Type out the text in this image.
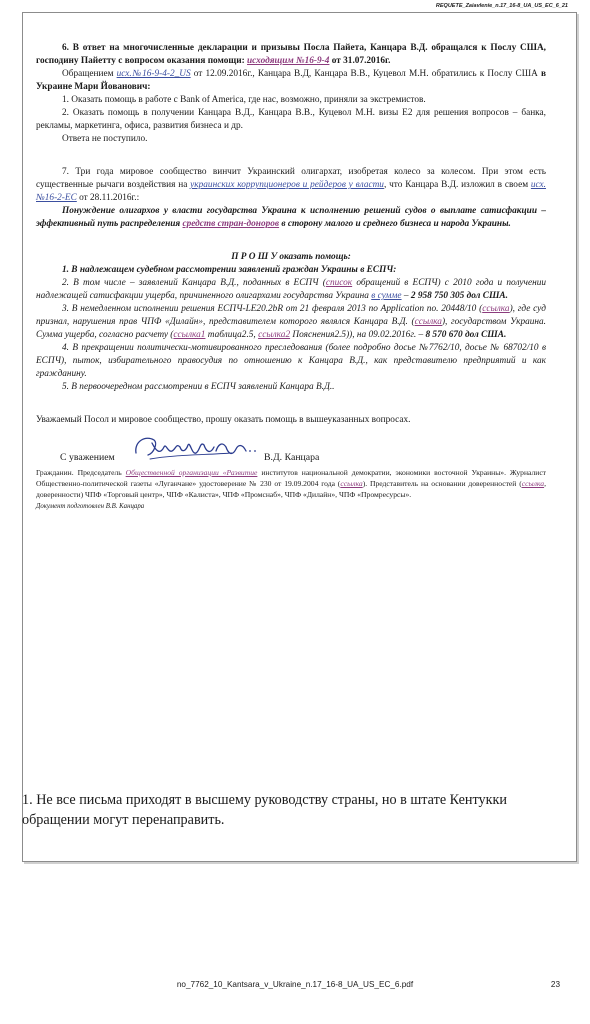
REQUETE_Zaiavlenie_n.17_16-8_UA_US_EC_6_21

6. В ответ на многочисленные декларации и призывы Посла Пайета, Канцара В.Д. обращался к Послу США, господину Пайетту с вопросом оказания помощи: исходящим №16-9-4 от 31.07.2016г.

Обращением исх.№16-9-4-2_US от 12.09.2016г., Канцара В.Д, Канцара В.В., Куцевол М.Н. обратились к Послу США в Украине Мари Йованович:

1. Оказать помощь в работе с Bank of America, где нас, возможно, приняли за экстремистов.

2. Оказать помощь в получении Канцара В.Д., Канцара В.В., Куцевол М.Н. визы Е2 для решения вопросов – банка, рекламы, маркетинга, офиса, развития бизнеса и др.

Ответа не поступило.

7. Три года мировое сообщество винчит Украинский олигархат, изобретая колесо за колесом. При этом есть существенные рычаги воздействия на украинских коррупционеров и рейдеров у власти, что Канцара В.Д. изложил в своем исх.№16-2-EC от 28.11.2016г.:

Понуждение олигархов у власти государства Украина к исполнению решений судов о выплате сатисфакции – эффективный путь распределения средств стран-доноров в сторону малого и среднего бизнеса и народа Украины.

П Р О Ш У оказать помощь:

1. В надлежащем судебном рассмотрении заявлений граждан Украины в ЕСПЧ:

2. В том числе – заявлений Канцара В.Д., поданных в ЕСПЧ (список обращений в ЕСПЧ) с 2010 года и получении надлежащей сатисфакции ущерба, причиненного олигархами государства Украина в сумме – 2 958 750 305 дол США.

3. В немедленном исполнении решения ЕСПЧ-LE20.2bR от 21 февраля 2013 по Application no. 20448/10 (ссылка), где суд признал, нарушения прав ЧПФ «Дилайн», представителем которого являлся Канцара В.Д. (ссылка), государством Украина. Сумма ущерба, согласно расчету (ссылка1 таблица2.5, ссылка2 Пояснения2.5)), на 09.02.2016г. – 8 570 670 дол США.

4. В прекращении политически-мотивированного преследования (более подробно досье №7762/10, досье № 68702/10 в ЕСПЧ), пыток, избирательного правосудия по отношению к Канцара В.Д., как представителю предприятий и как гражданину.

5. В первоочередном рассмотрении в ЕСПЧ заявлений Канцара В.Д..

Уважаемый Посол и мировое сообщество, прошу оказать помощь в вышеуказанных вопросах.

С уважением	В.Д. Канцара

Гражданин. Председатель Общественной организации «Развитие институтов национальной демократии, экономики восточной Украины». Журналист Общественно-политической газеты «Луганчане» удостоверение № 230 от 19.09.2004 года (ссылка). Представитель на основании доверенностей (ссылка, доверенности) ЧПФ «Торговый центр», ЧПФ «Калиста», ЧПФ «Промснаб», ЧПФ «Дилайн», ЧПФ «Промресурсы».

Документ подготовлен В.В. Канцара

1. Не все письма приходят в высшему руководству страны, но в штате Кентукки обращении могут перенаправить.
no_7762_10_Kantsara_v_Ukraine_n.17_16-8_UA_US_EC_6.pdf	23
